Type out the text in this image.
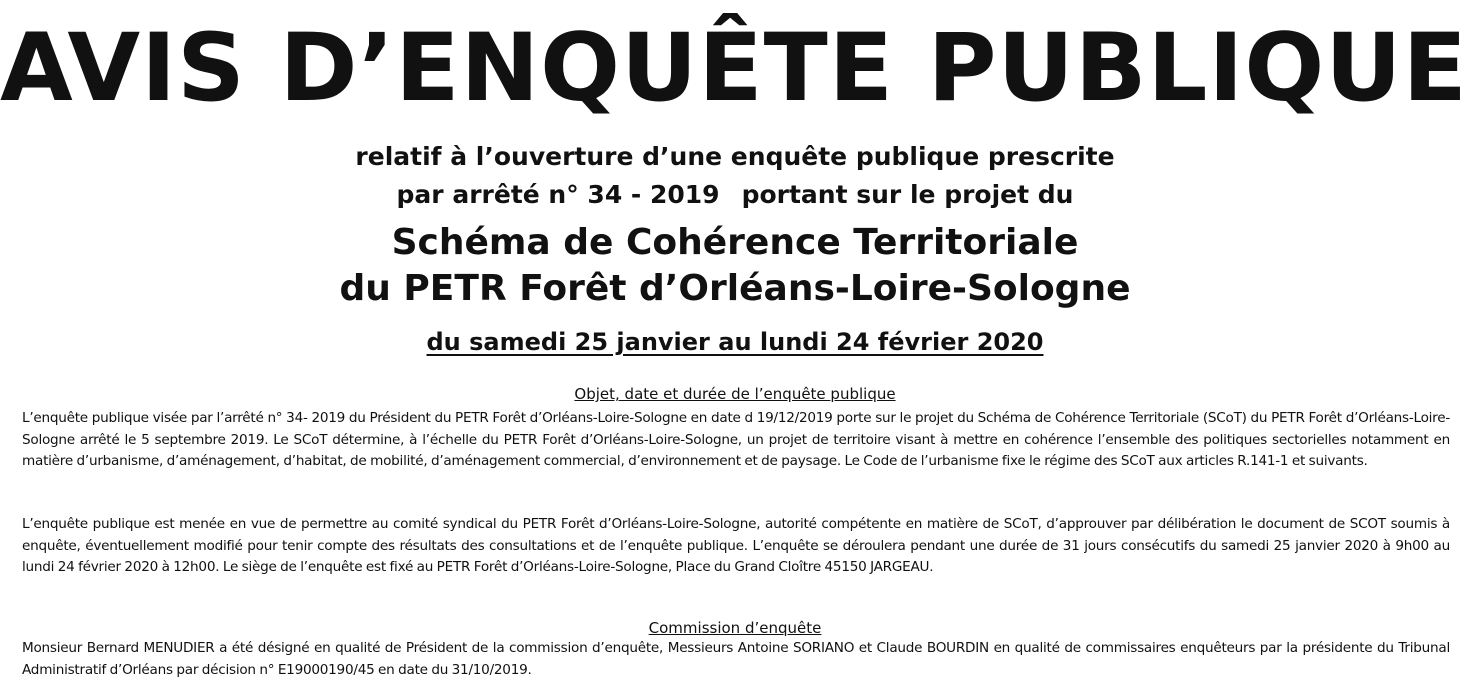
AVIS D’ENQUÊTE PUBLIQUE
relatif à l’ouverture d’une enquête publique prescrite
par arrêté n° 34 - 2019 portant sur le projet du
Schéma de Cohérence Territoriale
du PETR Forêt d’Orléans-Loire-Sologne
du samedi 25 janvier au lundi 24 février 2020
Objet, date et durée de l’enquête publique
L’enquête publique visée par l’arrêté n° 34- 2019 du Président du PETR Forêt d’Orléans-Loire-Sologne en date d 19/12/2019 porte sur le projet du Schéma de Cohérence Territoriale (SCoT) du PETR Forêt d’Orléans-Loire-Sologne arrêté le 5 septembre 2019. Le SCoT détermine, à l’échelle du PETR Forêt d’Orléans-Loire-Sologne, un projet de territoire visant à mettre en cohérence l’ensemble des politiques sectorielles notamment en matière d’urbanisme, d’aménagement, d’habitat, de mobilité, d’aménagement commercial, d’environnement et de paysage. Le Code de l’urbanisme fixe le régime des SCoT aux articles R.141-1 et suivants.
L’enquête publique est menée en vue de permettre au comité syndical du PETR Forêt d’Orléans-Loire-Sologne, autorité compétente en matière de SCoT, d’approuver par délibération le document de SCOT soumis à enquête, éventuellement modifié pour tenir compte des résultats des consultations et de l’enquête publique. L’enquête se déroulera pendant une durée de 31 jours consécutifs du samedi 25 janvier 2020 à 9h00 au lundi 24 février 2020 à 12h00. Le siège de l’enquête est fixé au PETR Forêt d’Orléans-Loire-Sologne, Place du Grand Cloître 45150 JARGEAU.
Commission d’enquête
Monsieur Bernard MENUDIER a été désigné en qualité de Président de la commission d’enquête, Messieurs Antoine SORIANO et Claude BOURDIN en qualité de commissaires enquêteurs par la présidente du Tribunal Administratif d’Orléans par décision n° E19000190/45 en date du 31/10/2019.
